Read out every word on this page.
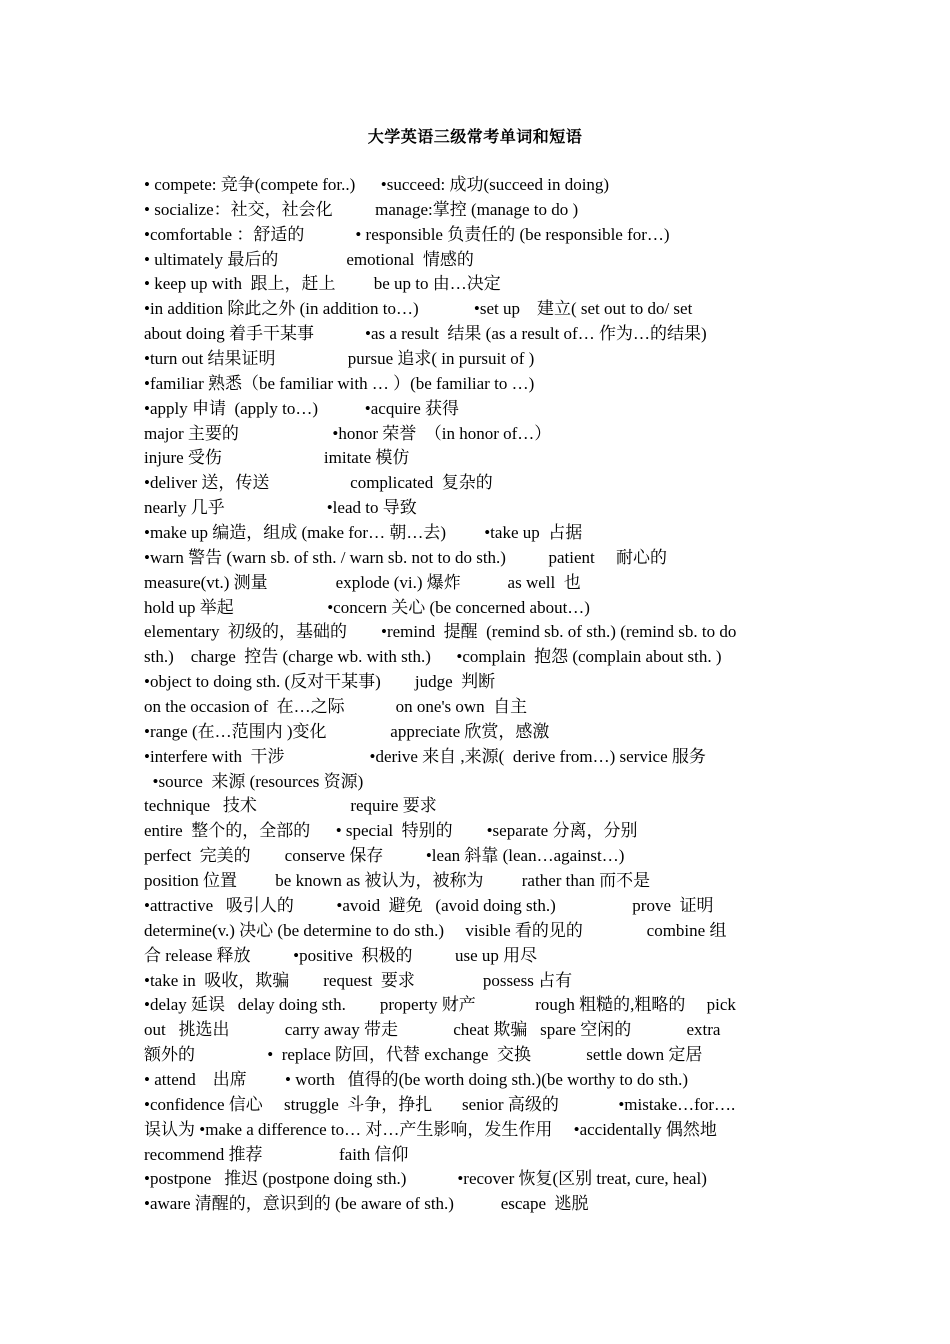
大学英语三级常考单词和短语
• compete: 竞争(compete for..)      •succeed: 成功(succeed in doing)
• socialize：社交，社会化          manage:掌控 (manage to do )
•comfortable ：舒适的            • responsible 负责任的 (be responsible for…)
• ultimately 最后的                emotional  情感的
• keep up with  跟上，赶上         be up to 由…决定
•in addition 除此之外 (in addition to…)             •set up    建立( set out to do/ set
about doing 着手干某事            •as a result  结果 (as a result of… 作为…的结果)
•turn out 结果证明                 pursue 追求( in pursuit of )
•familiar 熟悉（be familiar with … ）(be familiar to …)
•apply 申请  (apply to…)           •acquire 获得
major 主要的                      •honor 荣誉  （in honor of…）
injure 受伤                        imitate 模仿
•deliver 送，传送                   complicated  复杂的
nearly 几乎                        •lead to 导致
•make up 编造，组成 (make for… 朝…去)         •take up  占据
•warn 警告 (warn sb. of sth. / warn sb. not to do sth.)          patient     耐心的
measure(vt.) 测量                explode (vi.) 爆炸           as well  也
hold up 举起                      •concern 关心 (be concerned about…)
elementary  初级的，基础的        •remind  提醒  (remind sb. of sth.) (remind sb. to do
sth.)    charge  控告 (charge wb. with sth.)      •complain  抱怨 (complain about sth. )
•object to doing sth. (反对干某事)        judge  判断
on the occasion of  在…之际            on one's own  自主
•range (在…范围内 )变化               appreciate 欣赏，感激
•interfere with  干涉                    •derive 来自 ,来源(  derive from…) service 服务
•source  来源 (resources 资源)
technique   技术                      require 要求
entire  整个的，全部的      • special  特别的        •separate 分离，分别
perfect  完美的        conserve 保存          •lean 斜靠 (lean…against…)
position 位置         be known as 被认为，被称为         rather than 而不是
•attractive   吸引人的          •avoid  避免   (avoid doing sth.)                  prove  证明
determine(v.) 决心 (be determine to do sth.)     visible 看的见的               combine 组
合 release 释放          •positive  积极的          use up 用尽
•take in  吸收，欺骗        request  要求                possess 占有
•delay 延误   delay doing sth.        property 财产              rough 粗糙的,粗略的     pick
out   挑选出             carry away 带走             cheat 欺骗   spare 空闲的             extra
额外的                 •  replace 防回，代替 exchange  交换             settle down 定居
• attend    出席         • worth   值得的(be worth doing sth.)(be worthy to do sth.)
•confidence 信心     struggle  斗争，挣扎       senior 高级的              •mistake…for….
误认为 •make a difference to… 对…产生影响，发生作用     •accidentally 偶然地
recommend 推荐                  faith 信仰
•postpone   推迟 (postpone doing sth.)            •recover 恢复(区别 treat, cure, heal)
•aware 清醒的，意识到的 (be aware of sth.)           escape  逃脱
